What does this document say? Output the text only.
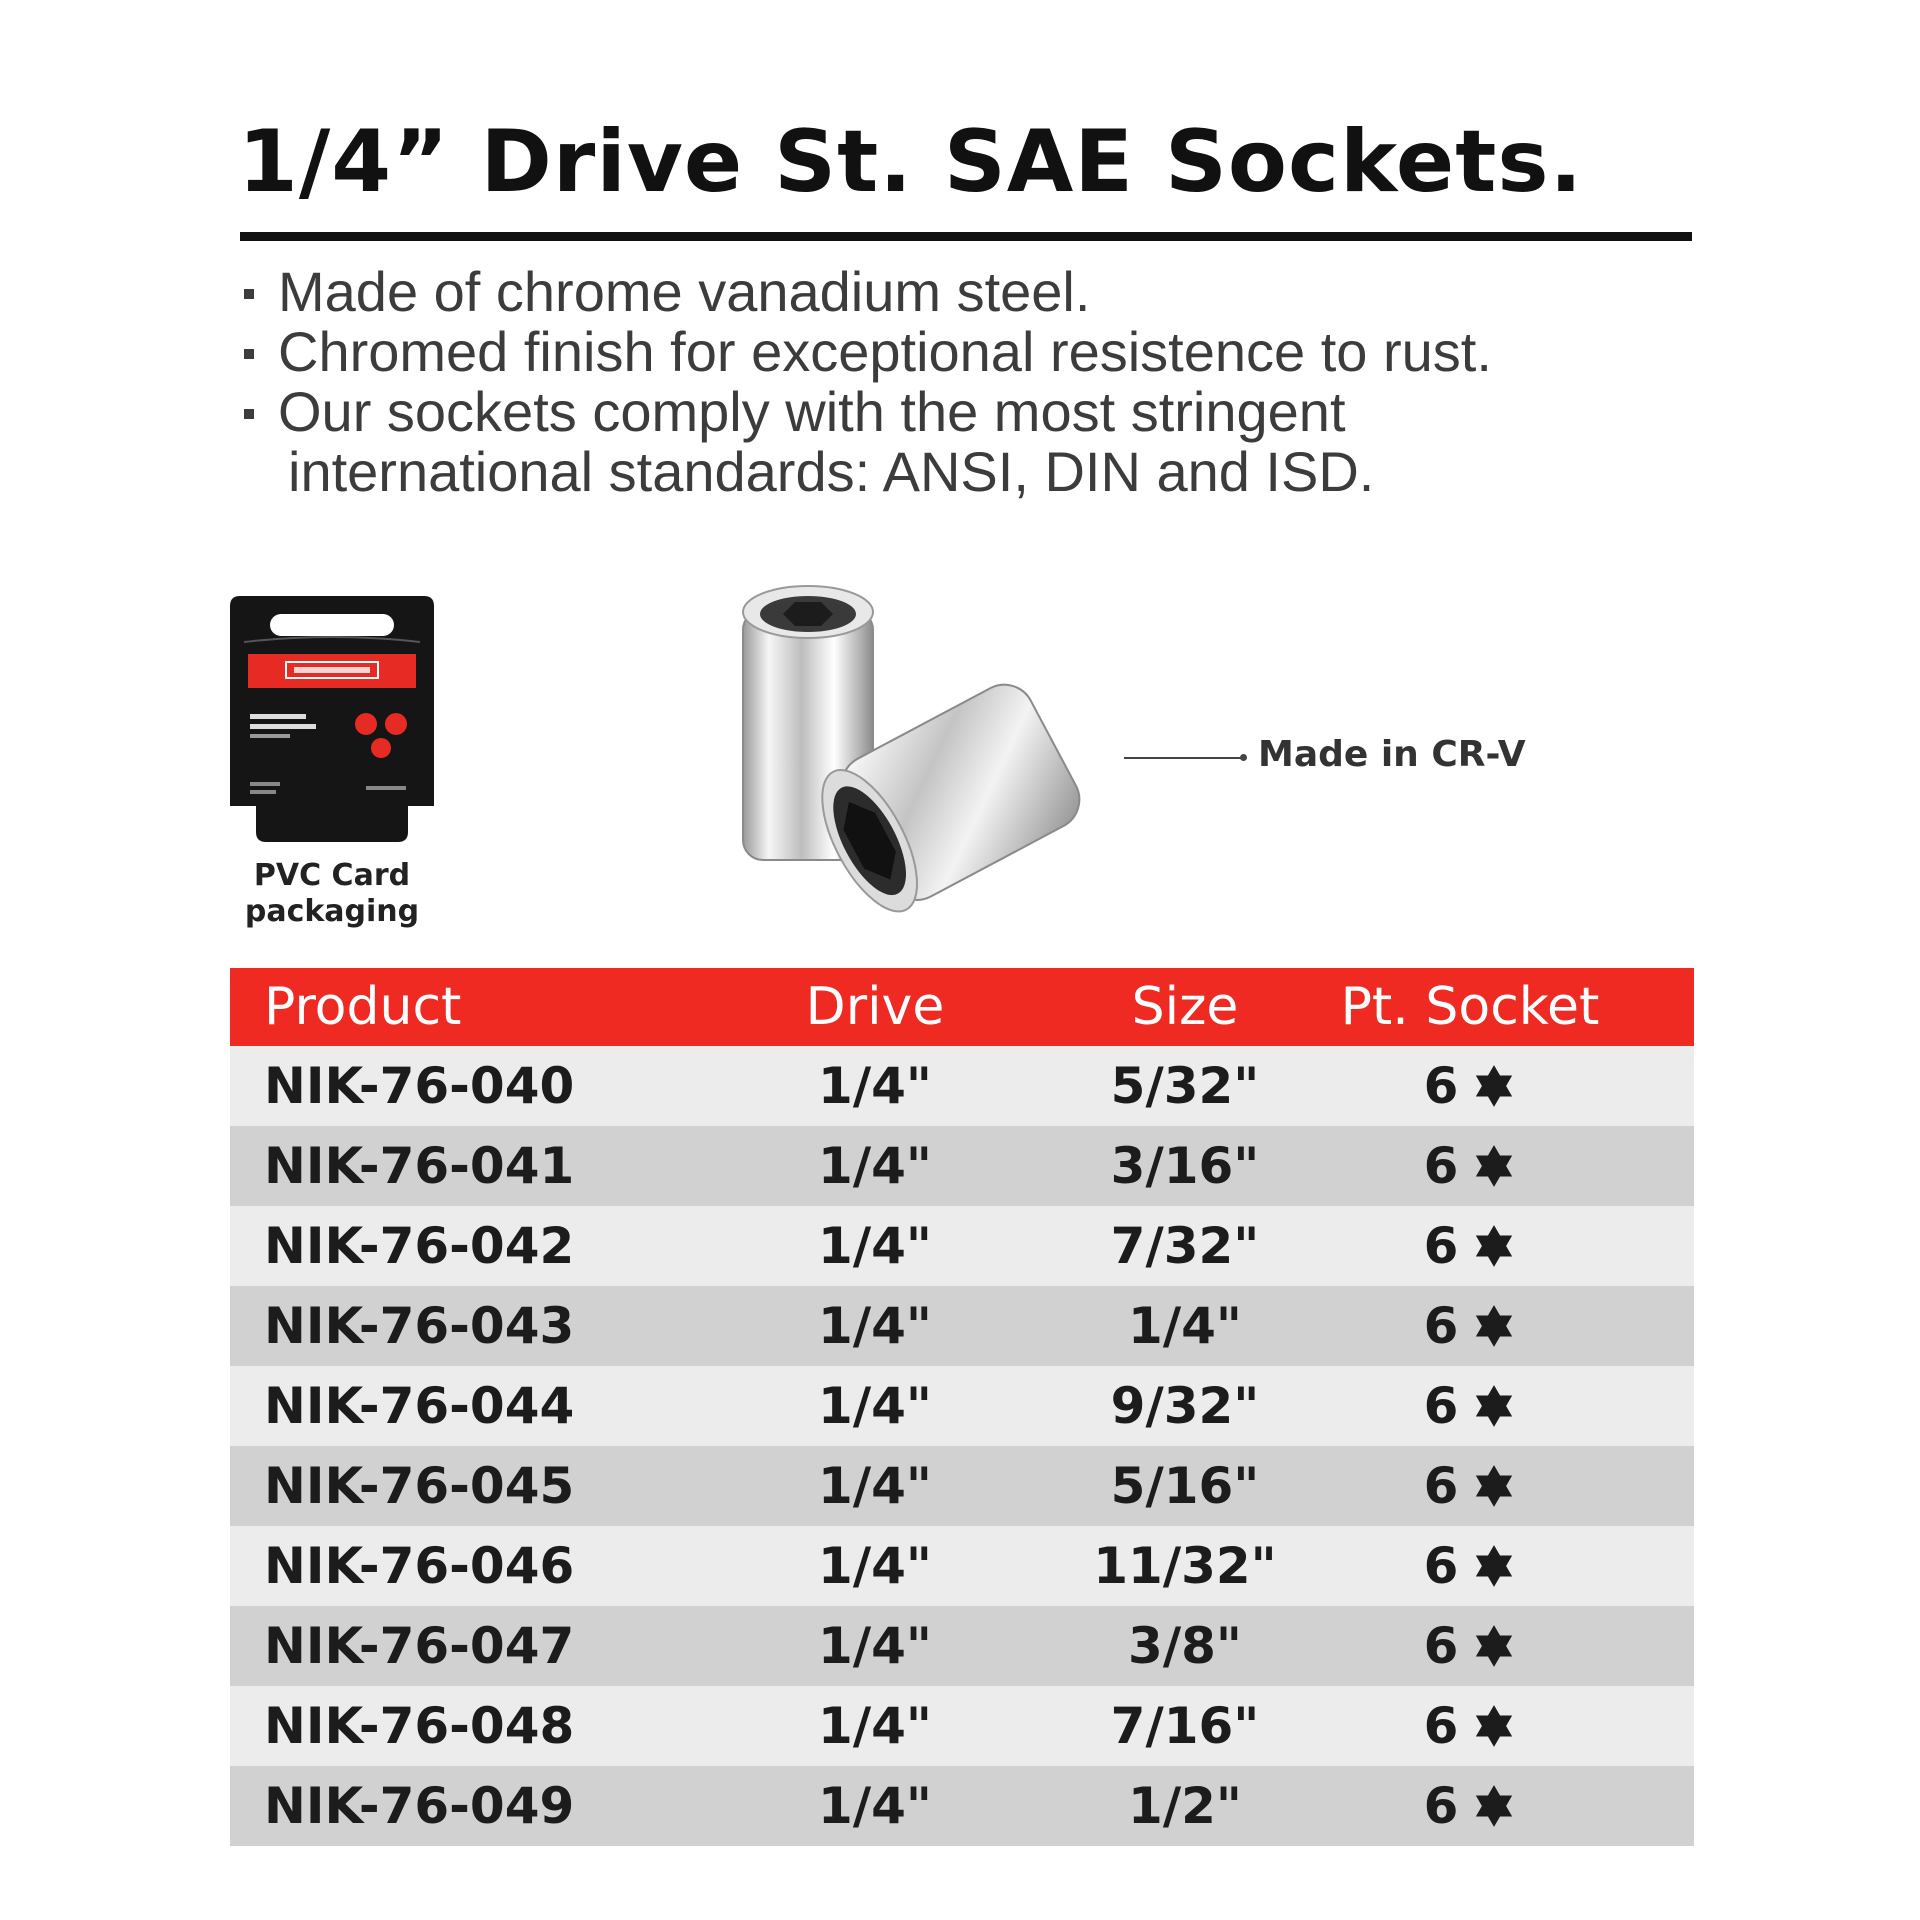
1/4” Drive St. SAE Sockets.
Made of chrome vanadium steel.
Chromed finish for exceptional resistence to rust.
Our sockets comply with the most stringent
international standards: ANSI, DIN and ISD.
PVC Card
packaging
Made in CR-V
Product	Drive	Size	Pt. Socket
NIK-76-040	1/4"	5/32"	6
NIK-76-041	1/4"	3/16"	6
NIK-76-042	1/4"	7/32"	6
NIK-76-043	1/4"	1/4"	6
NIK-76-044	1/4"	9/32"	6
NIK-76-045	1/4"	5/16"	6
NIK-76-046	1/4"	11/32"	6
NIK-76-047	1/4"	3/8"	6
NIK-76-048	1/4"	7/16"	6
NIK-76-049	1/4"	1/2"	6
